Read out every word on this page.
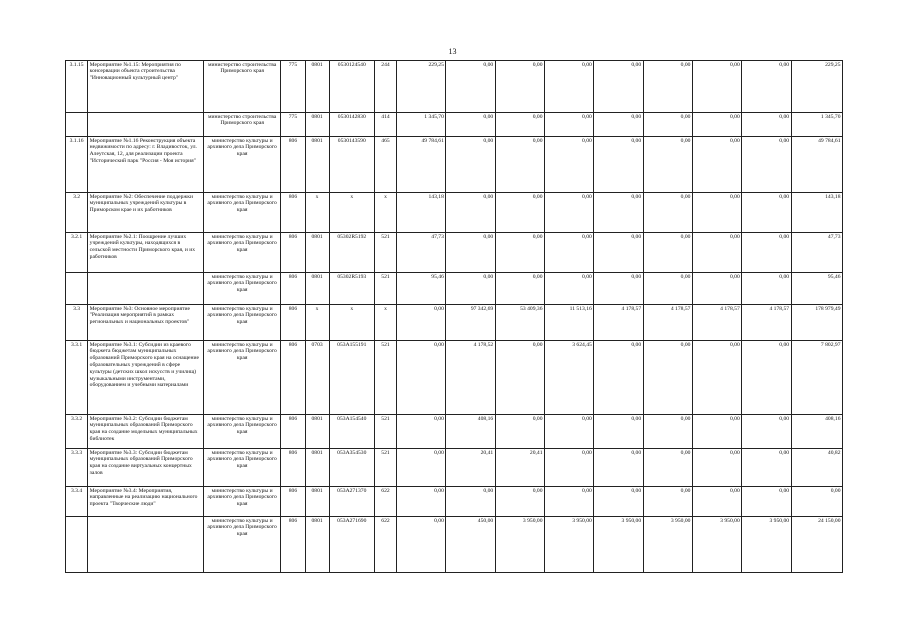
13
3.1.15	Мероприятие №1.15: Мероприятия по консервации объекта строительства "Инновационный культурный центр"	министерство строительства Приморского края	775	0801	0530124540	244	229,25	0,00	0,00	0,00	0,00	0,00	0,00	0,00	229,25
		министерство строительства Приморского края	775	0801	0530142830	414	1 345,70	0,00	0,00	0,00	0,00	0,00	0,00	0,00	1 345,70
3.1.16	Мероприятие №1.16 Реконструкция объекта недвижимости по адресу: г. Владивосток, ул. Алеутская, 12, для реализации проекта "Исторический парк "Россия - Моя история"	министерство культуры и архивного дела Приморского края	806	0801	0530143590	465	49 784,61	0,00	0,00	0,00	0,00	0,00	0,00	0,00	49 784,61
3.2	Мероприятие №2: Обеспечение поддержки муниципальных учреждений культуры в Приморском крае и их работников	министерство культуры и архивного дела Приморского края	806	x	x	x	143,18	0,00	0,00	0,00	0,00	0,00	0,00	0,00	143,18
3.2.1	Мероприятие №2.1: Поощрение лучших учреждений культуры, находящихся в сельской местности Приморского края, и их работников	министерство культуры и архивного дела Приморского края	806	0801	05302R5192	521	47,73	0,00	0,00	0,00	0,00	0,00	0,00	0,00	47,73
		министерство культуры и архивного дела Приморского края	806	0801	05302R5193	521	95,46	0,00	0,00	0,00	0,00	0,00	0,00	0,00	95,46
3.3	Мероприятие №3: Основное мероприятие "Реализация мероприятий в рамках региональных и национальных проектов"	министерство культуры и архивного дела Приморского края	806	x	x	x	0,00	97 342,69	53 409,36	11 513,16	4 178,57	4 178,57	4 178,57	4 178,57	178 979,49
3.3.1	Мероприятие №3.1: Субсидии из краевого бюджета бюджетам муниципальных образований Приморского края на оснащение образовательных учреждений в сфере культуры (детских школ искусств и училищ) музыкальными инструментами, оборудованием и учебными материалами	министерство культуры и архивного дела Приморского края	806	0703	053A155191	521	0,00	4 178,52	0,00	3 624,45	0,00	0,00	0,00	0,00	7 802,97
3.3.2	Мероприятие №3.2: Субсидии бюджетам муниципальных образований Приморского края на создание модельных муниципальных библиотек	министерство культуры и архивного дела Приморского края	806	0801	053A154540	521	0,00	408,16	0,00	0,00	0,00	0,00	0,00	0,00	408,16
3.3.3	Мероприятие №3.3: Субсидии бюджетам муниципальных образований Приморского края на создание виртуальных концертных залов	министерство культуры и архивного дела Приморского края	806	0801	053A354530	521	0,00	20,41	20,41	0,00	0,00	0,00	0,00	0,00	40,82
3.3.4	Мероприятие №3.4: Мероприятия, направленные на реализацию национального проекта "Творческие люди"	министерство культуры и архивного дела Приморского края	806	0801	053A271370	622	0,00	0,00	0,00	0,00	0,00	0,00	0,00	0,00	0,00
		министерство культуры и архивного дела Приморского края	806	0801	053A271690	622	0,00	450,00	3 950,00	3 950,00	3 950,00	3 950,00	3 950,00	3 950,00	24 150,00
